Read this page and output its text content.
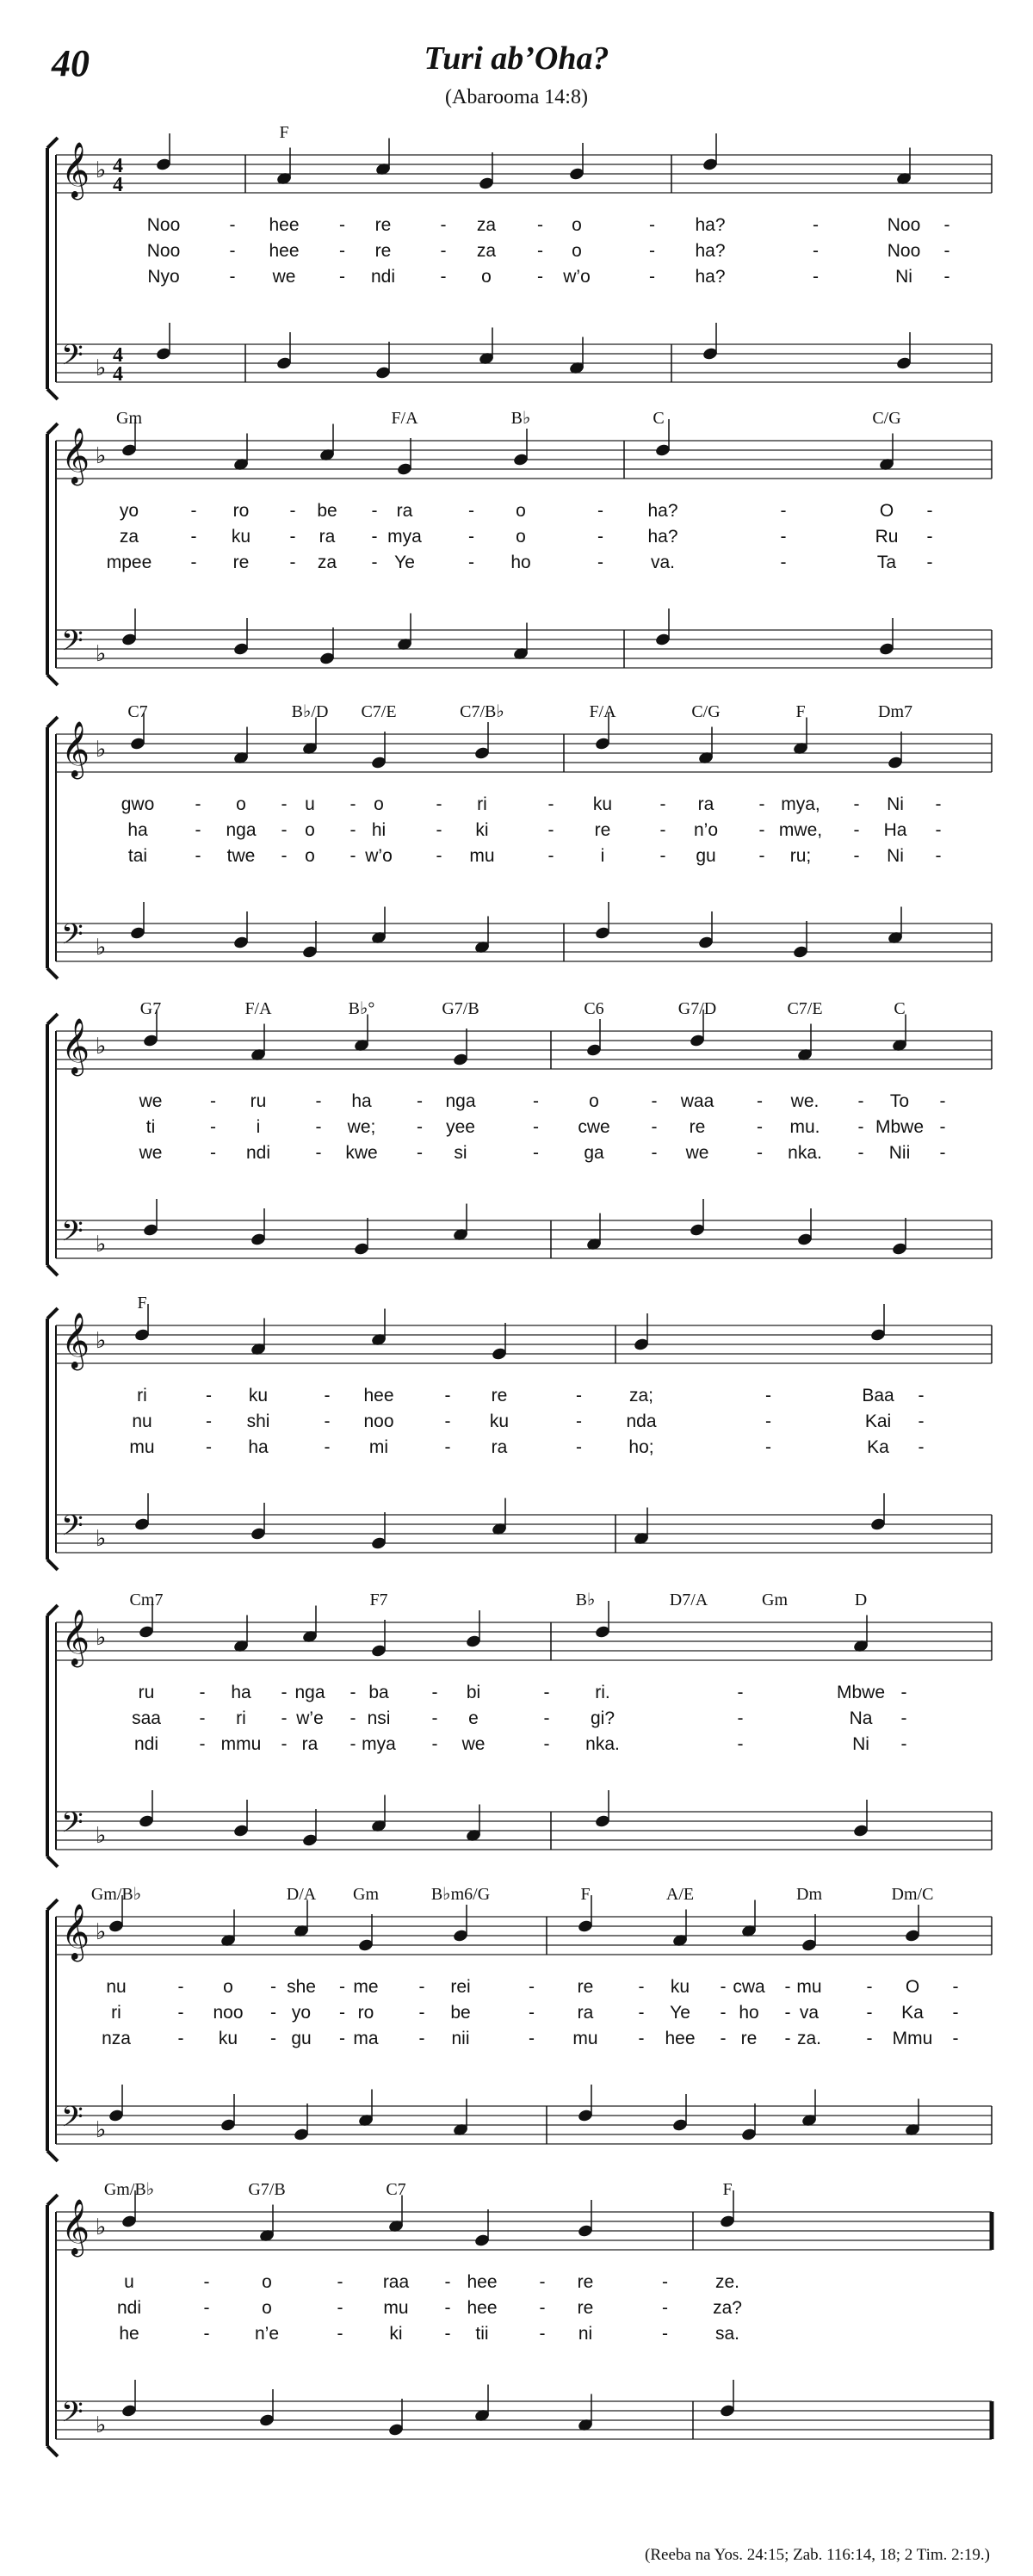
40	Turi ab’Oha?
(Abarooma 14:8)
𝄞 ♭ 4
4
𝄢 ♭ 4
4
F
Noo	- hee - re	- za - o	- ha?	-	Noo -
Noo	- hee - re	- za - o	- ha?	-	Noo -
Nyo	- we - ndi - o	- w’o	- ha?	-	Ni -
𝄞 ♭
𝄢 ♭
Gm	F/A	B♭	C	C/G
yo	- ro - be - ra	- o	- ha?	-	O -
za	- ku - ra - mya	- o	- ha?	-	Ru -
mpee - re - za - Ye	- ho	-	va.	-	Ta -
𝄞 ♭
𝄢 ♭
C7	B♭/D C7/E	C7/B♭	F/A	C/G	F	Dm7
gwo - o - u - o	- ri	- ku	- ra - mya, - Ni -
ha	- nga - o - hi	- ki	- re	- n’o - mwe, - Ha -
tai	- twe - o - w’o - mu	-	i	- gu - ru; - Ni -
𝄞 ♭
𝄢 ♭
G7	F/A	B♭°	G7/B	C6	G7/D	C7/E	C
we	- ru	- ha - nga	-	o	- waa - we. - To -
ti	- i	- we; - yee	- cwe - re	- mu. - Mbwe -
we	- ndi - kwe - si	- ga	- we	- nka. - Nii -
𝄞 ♭
𝄢 ♭
F
ri	- ku	- hee	- re	-	za;	-	Baa -
nu	- shi	- noo	- ku	- nda	-	Kai -
mu	- ha	- mi	- ra	-	ho;	-	Ka -
𝄞 ♭
𝄢 ♭
Cm7	F7	B♭	D7/A	Gm	D
ru - ha - nga - ba - bi	-	ri.	-	Mbwe -
saa - ri - w’e - nsi - e	- gi?	-	Na -
ndi - mmu - ra - mya - we	- nka.	-	Ni -
𝄞 ♭
𝄢 ♭
Gm/B♭	D/A Gm	B♭m6/G	F	A/E	Dm	Dm/C
nu	- o - she - me - rei	- re - ku - cwa - mu - O -
ri	- noo - yo - ro - be	- ra - Ye - ho - va	- Ka -
nza	- ku - gu - ma - nii	- mu - hee - re - za. - Mmu -
𝄞 ♭
𝄢 ♭
Gm/B♭	G7/B	C7	F
u	-	o	- raa - hee - re	-	ze.
ndi	-	o	- mu - hee - re	- za?
he	- n’e	-	ki - tii	- ni	-	sa.
(Reeba na Yos. 24:15; Zab. 116:14, 18; 2 Tim. 2:19.)
